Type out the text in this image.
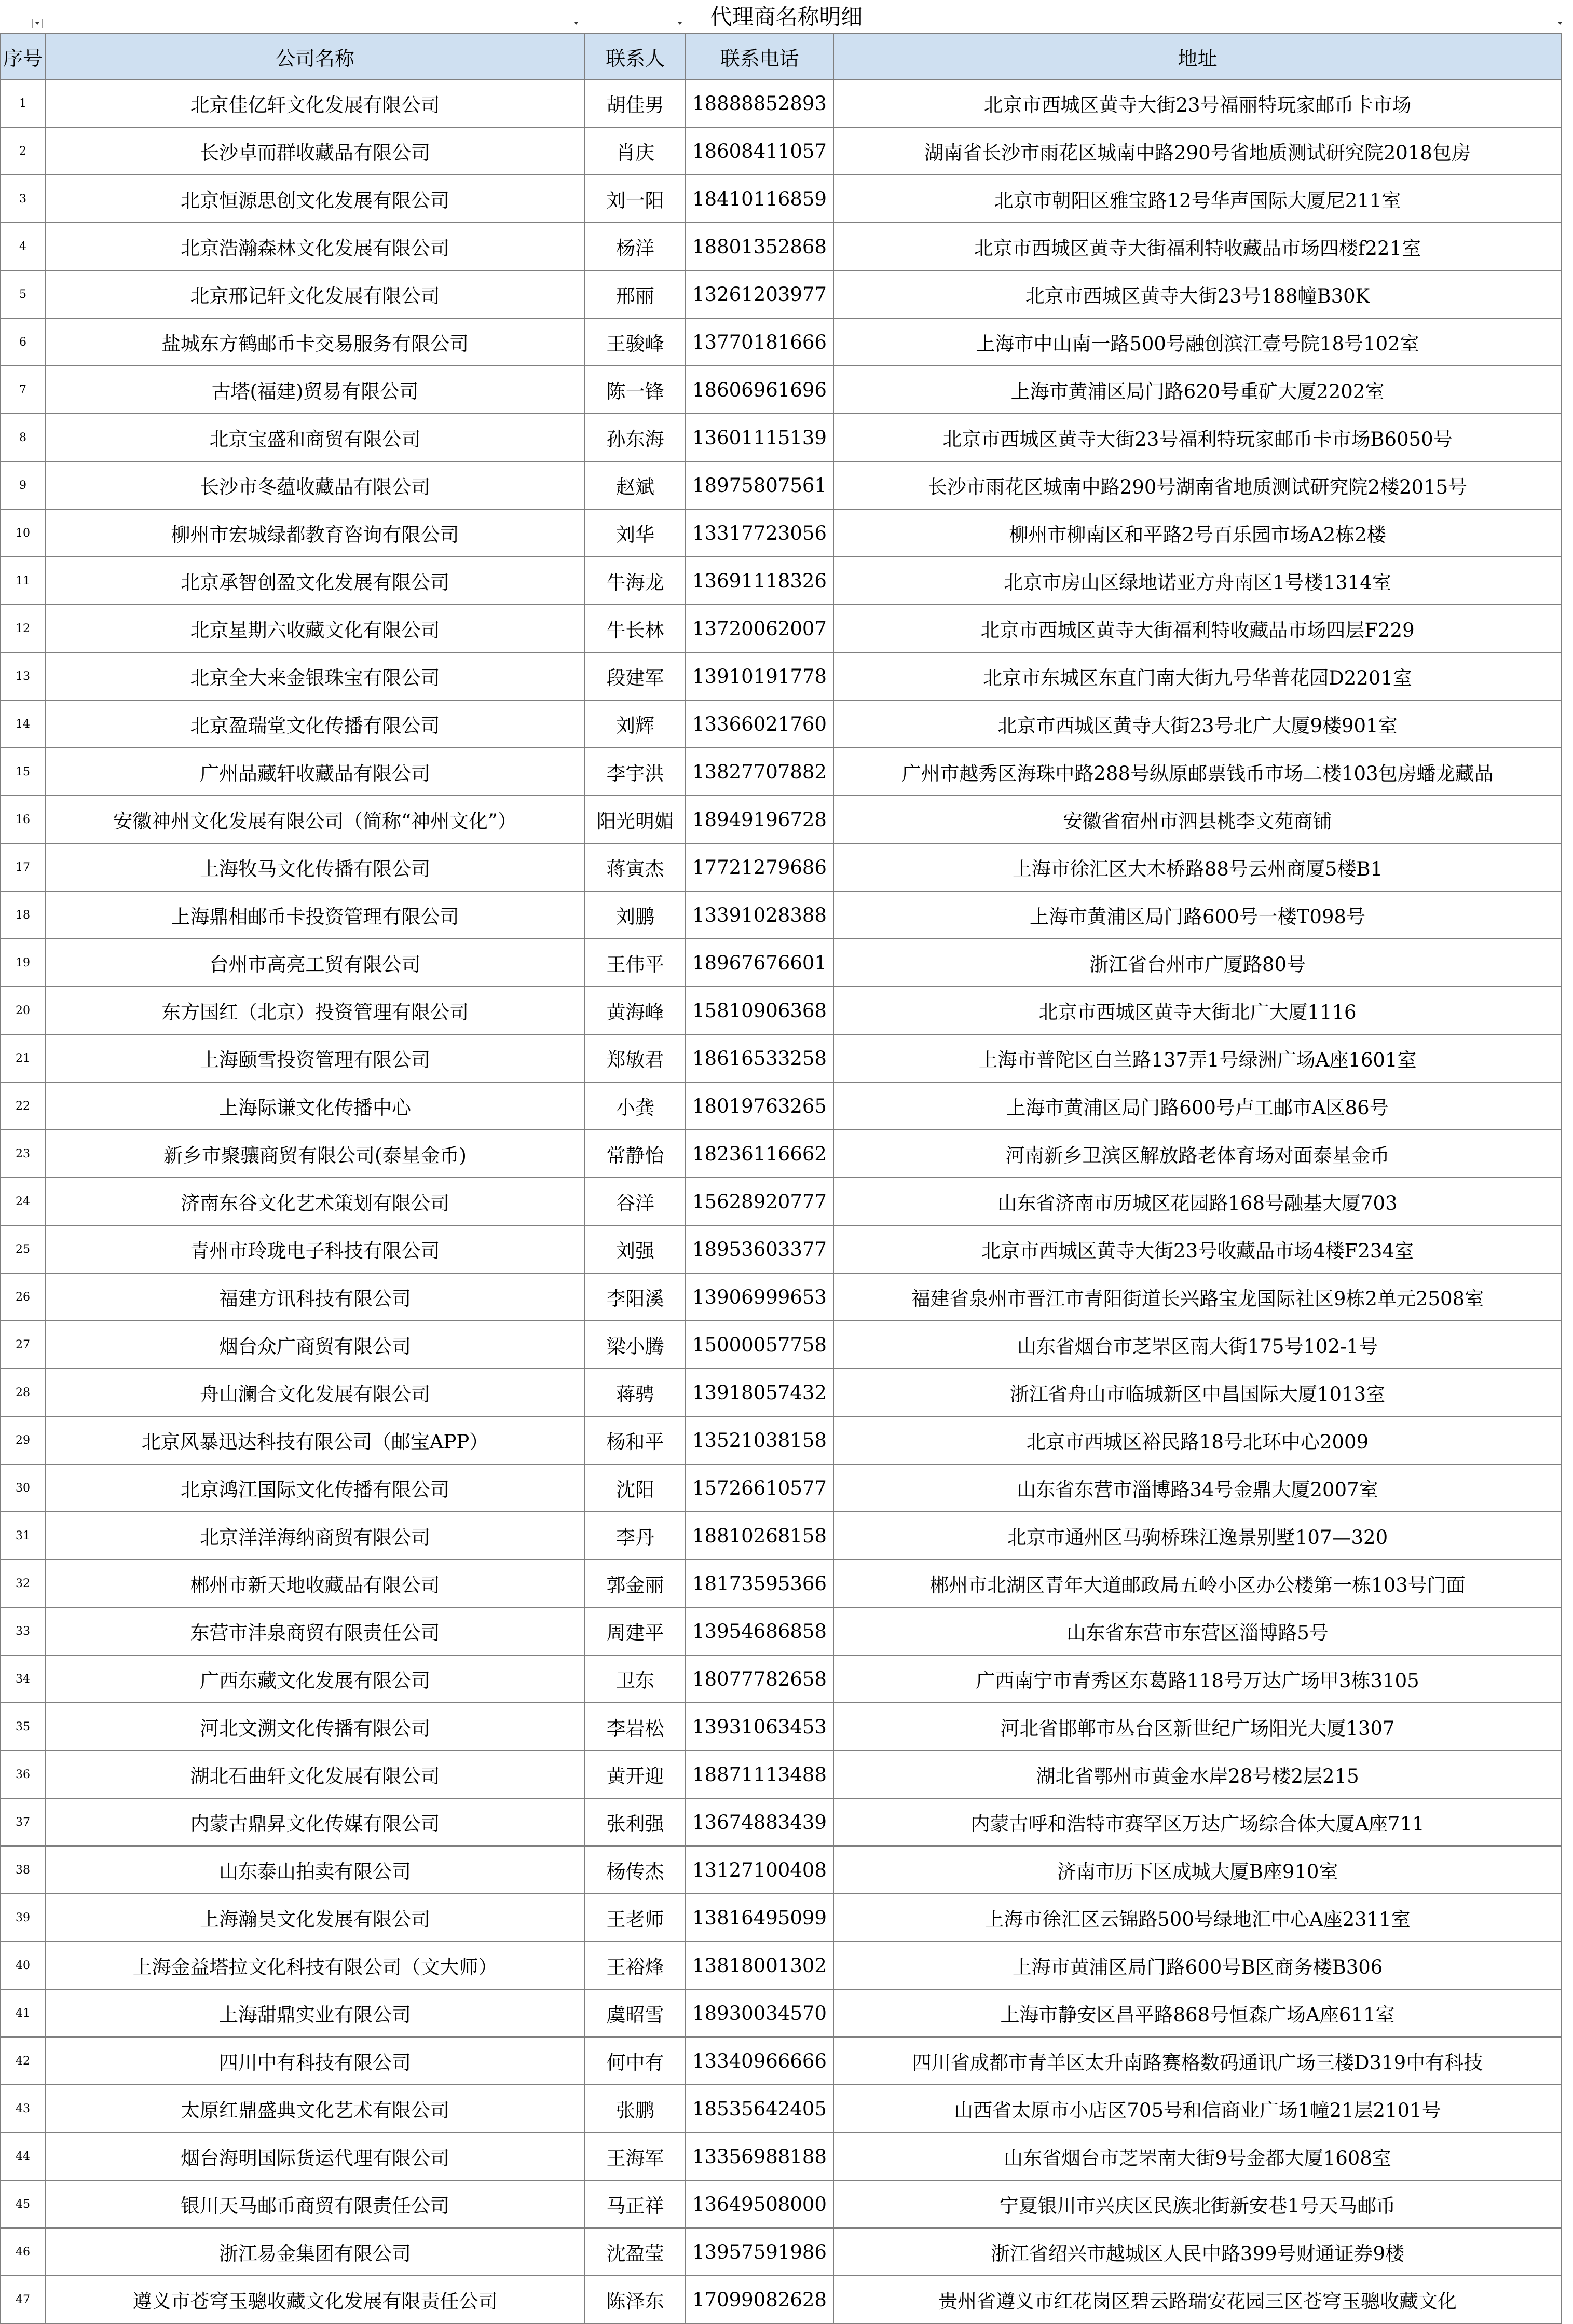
代理商名称明细
序号	公司名称	联系人	联系电话	地址
1	北京佳亿轩文化发展有限公司	胡佳男	18888852893	北京市西城区黄寺大街23号福丽特玩家邮币卡市场
2	长沙卓而群收藏品有限公司	肖庆	18608411057	湖南省长沙市雨花区城南中路290号省地质测试研究院2018包房
3	北京恒源思创文化发展有限公司	刘一阳	18410116859	北京市朝阳区雅宝路12号华声国际大厦尼211室
4	北京浩瀚森林文化发展有限公司	杨洋	18801352868	北京市西城区黄寺大街福利特收藏品市场四楼f221室
5	北京邢记轩文化发展有限公司	邢丽	13261203977	北京市西城区黄寺大街23号188幢B30K
6	盐城东方鹤邮币卡交易服务有限公司	王骏峰	13770181666	上海市中山南一路500号融创滨江壹号院18号102室
7	古塔(福建)贸易有限公司	陈一锋	18606961696	上海市黄浦区局门路620号重矿大厦2202室
8	北京宝盛和商贸有限公司	孙东海	13601115139	北京市西城区黄寺大街23号福利特玩家邮币卡市场B6050号
9	长沙市冬蕴收藏品有限公司	赵斌	18975807561	长沙市雨花区城南中路290号湖南省地质测试研究院2楼2015号
10	柳州市宏城绿都教育咨询有限公司	刘华	13317723056	柳州市柳南区和平路2号百乐园市场A2栋2楼
11	北京承智创盈文化发展有限公司	牛海龙	13691118326	北京市房山区绿地诺亚方舟南区1号楼1314室
12	北京星期六收藏文化有限公司	牛长林	13720062007	北京市西城区黄寺大街福利特收藏品市场四层F229
13	北京全大来金银珠宝有限公司	段建军	13910191778	北京市东城区东直门南大街九号华普花园D2201室
14	北京盈瑞堂文化传播有限公司	刘辉	13366021760	北京市西城区黄寺大街23号北广大厦9楼901室
15	广州品藏轩收藏品有限公司	李宇洪	13827707882	广州市越秀区海珠中路288号纵原邮票钱币市场二楼103包房蟠龙藏品
16	安徽神州文化发展有限公司（简称“神州文化”）	阳光明媚	18949196728	安徽省宿州市泗县桃李文苑商铺
17	上海牧马文化传播有限公司	蒋寅杰	17721279686	上海市徐汇区大木桥路88号云州商厦5楼B1
18	上海鼎相邮币卡投资管理有限公司	刘鹏	13391028388	上海市黄浦区局门路600号一楼T098号
19	台州市高亮工贸有限公司	王伟平	18967676601	浙江省台州市广厦路80号
20	东方国红（北京）投资管理有限公司	黄海峰	15810906368	北京市西城区黄寺大街北广大厦1116
21	上海颐雪投资管理有限公司	郑敏君	18616533258	上海市普陀区白兰路137弄1号绿洲广场A座1601室
22	上海际谦文化传播中心	小龚	18019763265	上海市黄浦区局门路600号卢工邮市A区86号
23	新乡市聚骧商贸有限公司(泰星金币)	常静怡	18236116662	河南新乡卫滨区解放路老体育场对面泰星金币
24	济南东谷文化艺术策划有限公司	谷洋	15628920777	山东省济南市历城区花园路168号融基大厦703
25	青州市玲珑电子科技有限公司	刘强	18953603377	北京市西城区黄寺大街23号收藏品市场4楼F234室
26	福建方讯科技有限公司	李阳溪	13906999653	福建省泉州市晋江市青阳街道长兴路宝龙国际社区9栋2单元2508室
27	烟台众广商贸有限公司	梁小腾	15000057758	山东省烟台市芝罘区南大街175号102-1号
28	舟山澜合文化发展有限公司	蒋骋	13918057432	浙江省舟山市临城新区中昌国际大厦1013室
29	北京风暴迅达科技有限公司（邮宝APP）	杨和平	13521038158	北京市西城区裕民路18号北环中心2009
30	北京鸿江国际文化传播有限公司	沈阳	15726610577	山东省东营市淄博路34号金鼎大厦2007室
31	北京洋洋海纳商贸有限公司	李丹	18810268158	北京市通州区马驹桥珠江逸景别墅107—320
32	郴州市新天地收藏品有限公司	郭金丽	18173595366	郴州市北湖区青年大道邮政局五岭小区办公楼第一栋103号门面
33	东营市沣泉商贸有限责任公司	周建平	13954686858	山东省东营市东营区淄博路5号
34	广西东藏文化发展有限公司	卫东	18077782658	广西南宁市青秀区东葛路118号万达广场甲3栋3105
35	河北文溯文化传播有限公司	李岩松	13931063453	河北省邯郸市丛台区新世纪广场阳光大厦1307
36	湖北石曲轩文化发展有限公司	黄开迎	18871113488	湖北省鄂州市黄金水岸28号楼2层215
37	内蒙古鼎昇文化传媒有限公司	张利强	13674883439	内蒙古呼和浩特市赛罕区万达广场综合体大厦A座711
38	山东泰山拍卖有限公司	杨传杰	13127100408	济南市历下区成城大厦B座910室
39	上海瀚昊文化发展有限公司	王老师	13816495099	上海市徐汇区云锦路500号绿地汇中心A座2311室
40	上海金益塔拉文化科技有限公司（文大师）	王裕烽	13818001302	上海市黄浦区局门路600号B区商务楼B306
41	上海甜鼎实业有限公司	虞昭雪	18930034570	上海市静安区昌平路868号恒森广场A座611室
42	四川中有科技有限公司	何中有	13340966666	四川省成都市青羊区太升南路赛格数码通讯广场三楼D319中有科技
43	太原红鼎盛典文化艺术有限公司	张鹏	18535642405	山西省太原市小店区705号和信商业广场1幢21层2101号
44	烟台海明国际货运代理有限公司	王海军	13356988188	山东省烟台市芝罘南大街9号金都大厦1608室
45	银川天马邮币商贸有限责任公司	马正祥	13649508000	宁夏银川市兴庆区民族北街新安巷1号天马邮币
46	浙江易金集团有限公司	沈盈莹	13957591986	浙江省绍兴市越城区人民中路399号财通证券9楼
47	遵义市苍穹玉骢收藏文化发展有限责任公司	陈泽东	17099082628	贵州省遵义市红花岗区碧云路瑞安花园三区苍穹玉骢收藏文化
